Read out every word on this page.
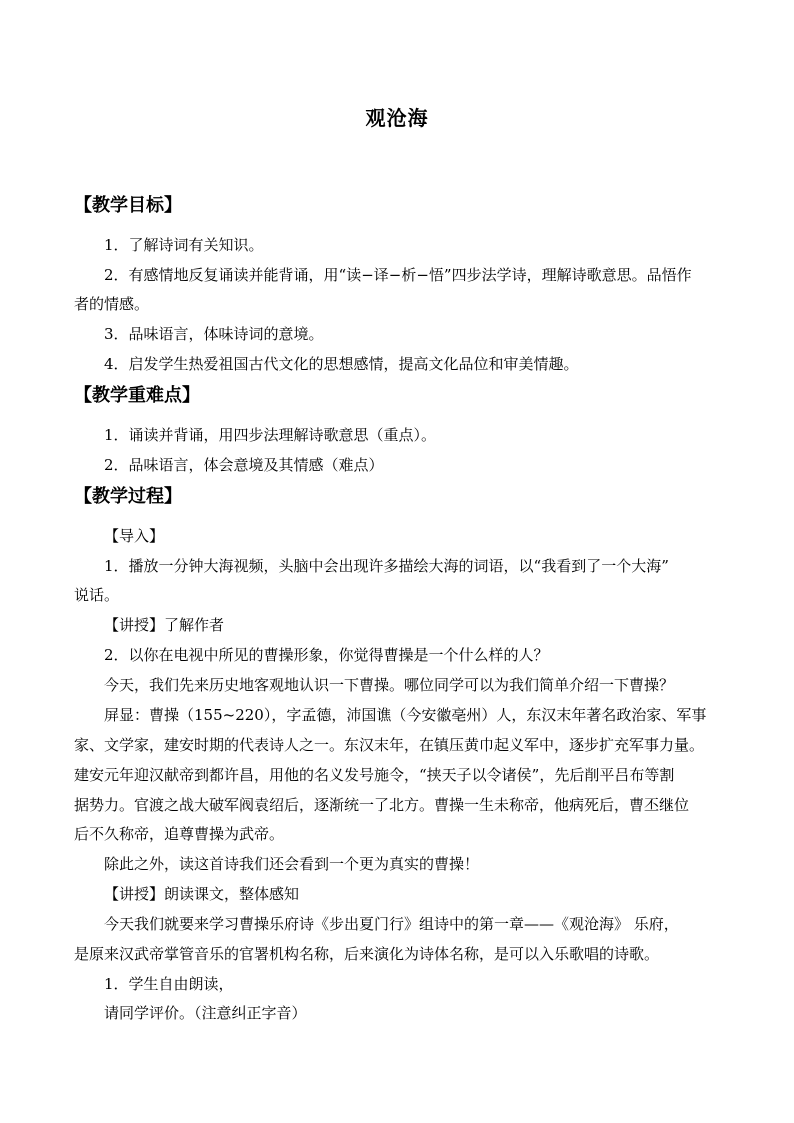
观沧海
【教学目标】
1．了解诗词有关知识。
2．有感情地反复诵读并能背诵，用“读−译−析−悟”四步法学诗，理解诗歌意思。品悟作
者的情感。
3．品味语言，体味诗词的意境。
4．启发学生热爱祖国古代文化的思想感情，提高文化品位和审美情趣。
【教学重难点】
1．诵读并背诵，用四步法理解诗歌意思（重点）。
2．品味语言，体会意境及其情感（难点）
【教学过程】
【导入】
1．播放一分钟大海视频，头脑中会出现许多描绘大海的词语，以“我看到了一个大海”
说话。
【讲授】了解作者
2．以你在电视中所见的曹操形象，你觉得曹操是一个什么样的人？
今天，我们先来历史地客观地认识一下曹操。哪位同学可以为我们简单介绍一下曹操？
屏显：曹操（155~220），字孟德，沛国谯（今安徽亳州）人，东汉末年著名政治家、军事
家、文学家，建安时期的代表诗人之一。东汉末年，在镇压黄巾起义军中，逐步扩充军事力量。
建安元年迎汉献帝到都许昌，用他的名义发号施令，“挟天子以令诸侯”，先后削平吕布等割
据势力。官渡之战大破军阀袁绍后，逐渐统一了北方。曹操一生未称帝，他病死后，曹丕继位
后不久称帝，追尊曹操为武帝。
除此之外，读这首诗我们还会看到一个更为真实的曹操！
【讲授】朗读课文，整体感知
今天我们就要来学习曹操乐府诗《步出夏门行》组诗中的第一章——《观沧海》 乐府，
是原来汉武帝掌管音乐的官署机构名称，后来演化为诗体名称，是可以入乐歌唱的诗歌。
1．学生自由朗读，
请同学评价。（注意纠正字音）
